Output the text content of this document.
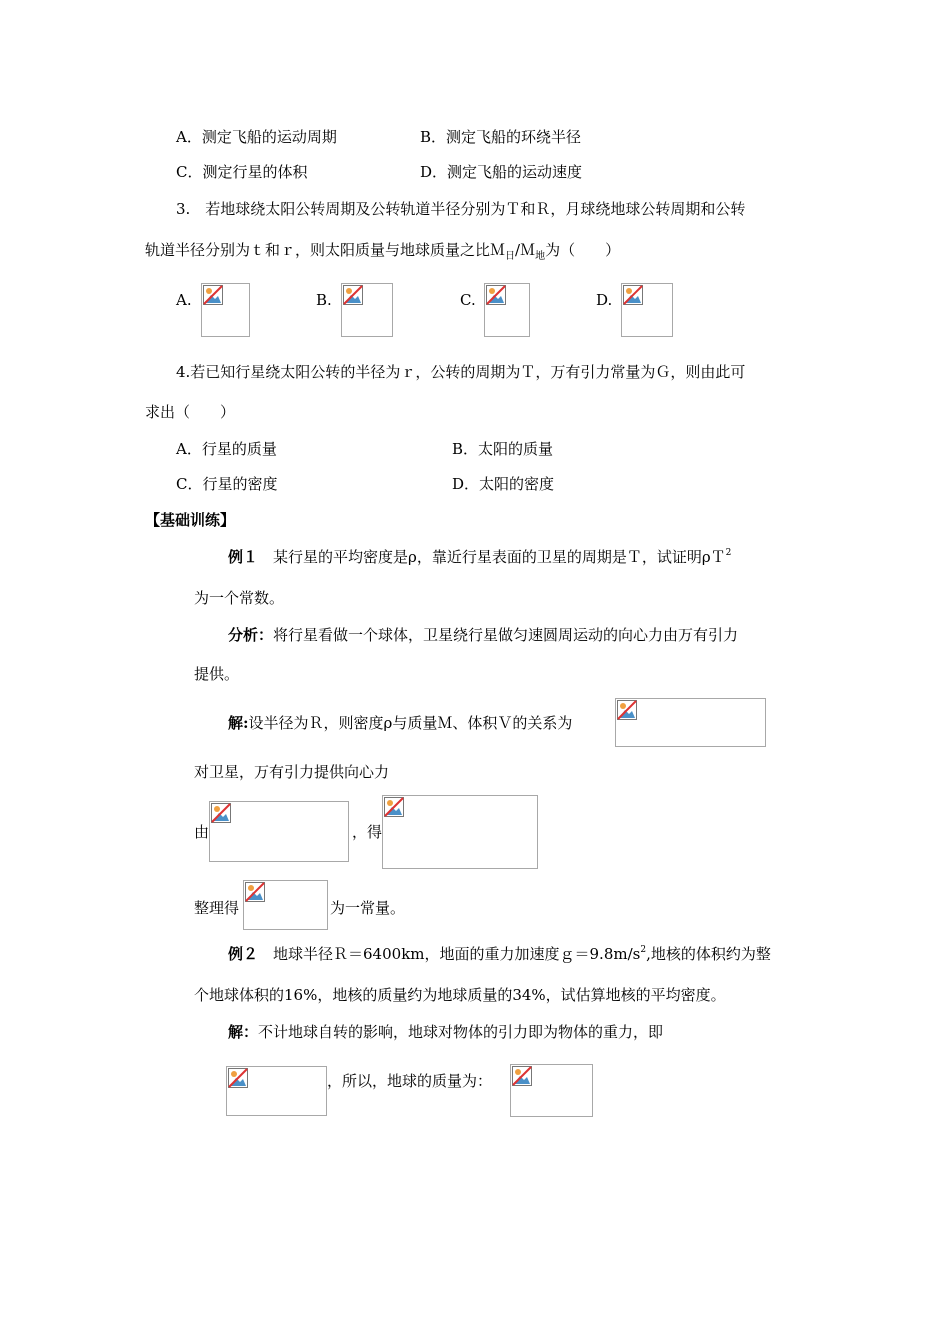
A．测定飞船的运动周期	B．测定飞船的环绕半径
C．测定行星的体积	D．测定飞船的运动速度
3.　若地球绕太阳公转周期及公转轨道半径分别为Ｔ和Ｒ，月球绕地球公转周期和公转
轨道半径分别为ｔ和ｒ，则太阳质量与地球质量之比Ｍ$_日$/Ｍ$_地$为（　　）
A.	B.	C.	D.
4.若已知行星绕太阳公转的半径为ｒ，公转的周期为Ｔ，万有引力常量为Ｇ，则由此可
求出（　　）
A．行星的质量	B．太阳的质量
C．行星的密度	D．太阳的密度
【基础训练】
例１　某行星的平均密度是ρ，靠近行星表面的卫星的周期是Ｔ，试证明ρＴ$^2$
为一个常数。
分析：将行星看做一个球体，卫星绕行星做匀速圆周运动的向心力由万有引力
提供。
解:设半径为Ｒ，则密度ρ与质量Ｍ、体积Ｖ的关系为
对卫星，万有引力提供向心力
由	，得
整理得	为一常量。
例２　地球半径Ｒ＝6400km，地面的重力加速度$g=9.8m/s^2$,地核的体积约为整
个地球体积的16%，地核的质量约为地球质量的34%，试估算地核的平均密度。
解：不计地球自转的影响，地球对物体的引力即为物体的重力，即
，所以，地球的质量为：
